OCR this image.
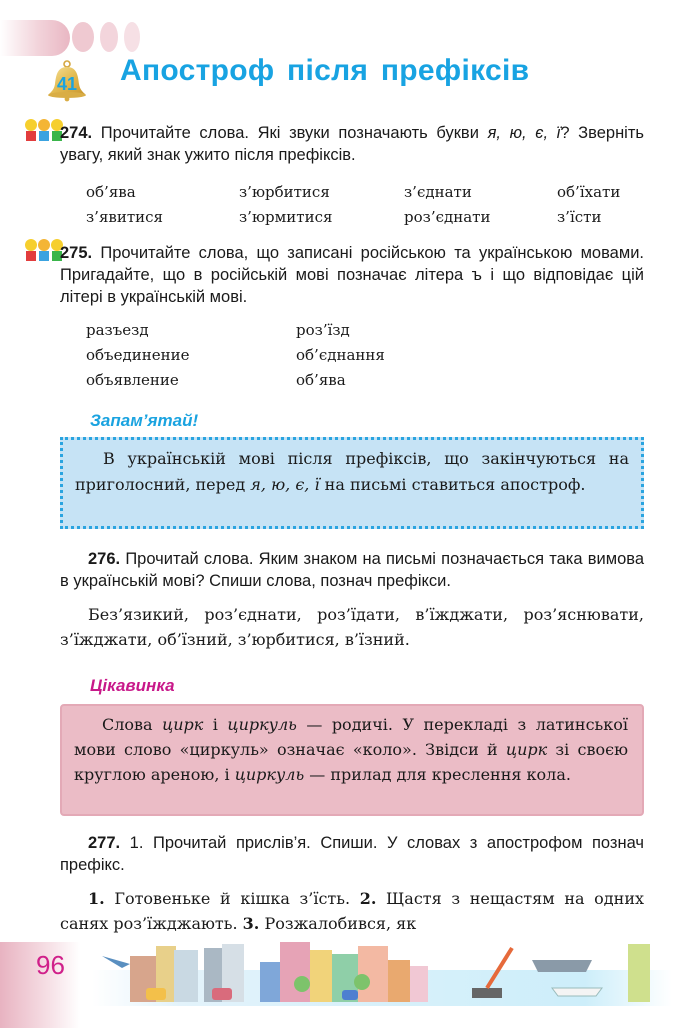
41	Апостроф після префіксів
274. Прочитайте слова. Які звуки позначають букви я, ю, є, ї? Зверніть увагу, який знак ужито після префіксів.
об’ява	з’юрбитися	з’єднати	об’їхати
з’явитися	з’юрмитися	роз’єднати	з’їсти
275. Прочитайте слова, що записані російською та українською мовами. Пригадайте, що в російській мові позначає літера ъ і що відповідає цій літері в українській мові.
разъезд	роз’їзд
объединение	об’єднання
объявление	об’ява
Запам’ятай!
В українській мові після префіксів, що закінчуються на приголосний, перед я, ю, є, ї на письмі ставиться апостроф.
276. Прочитай слова. Яким знаком на письмі позначається така вимова в українській мові? Спиши слова, познач префікси.
Без’язикий, роз’єднати, роз’їдати, в’їжджати, роз’яснювати, з’їжджати, об’їзний, з’юрбитися, в’їзний.
Цікавинка
Слова цирк і циркуль — родичі. У перекладі з латинської мови слово «циркуль» означає «коло». Звідси й цирк зі своєю круглою ареною, і циркуль — прилад для креслення кола.
277. 1. Прочитай прислів’я. Спиши. У словах з апострофом познач префікс.
1. Готовеньке й кішка з’їсть. 2. Щастя з нещастям на одних санях роз’їжджають. 3. Розжалобився, як
96
